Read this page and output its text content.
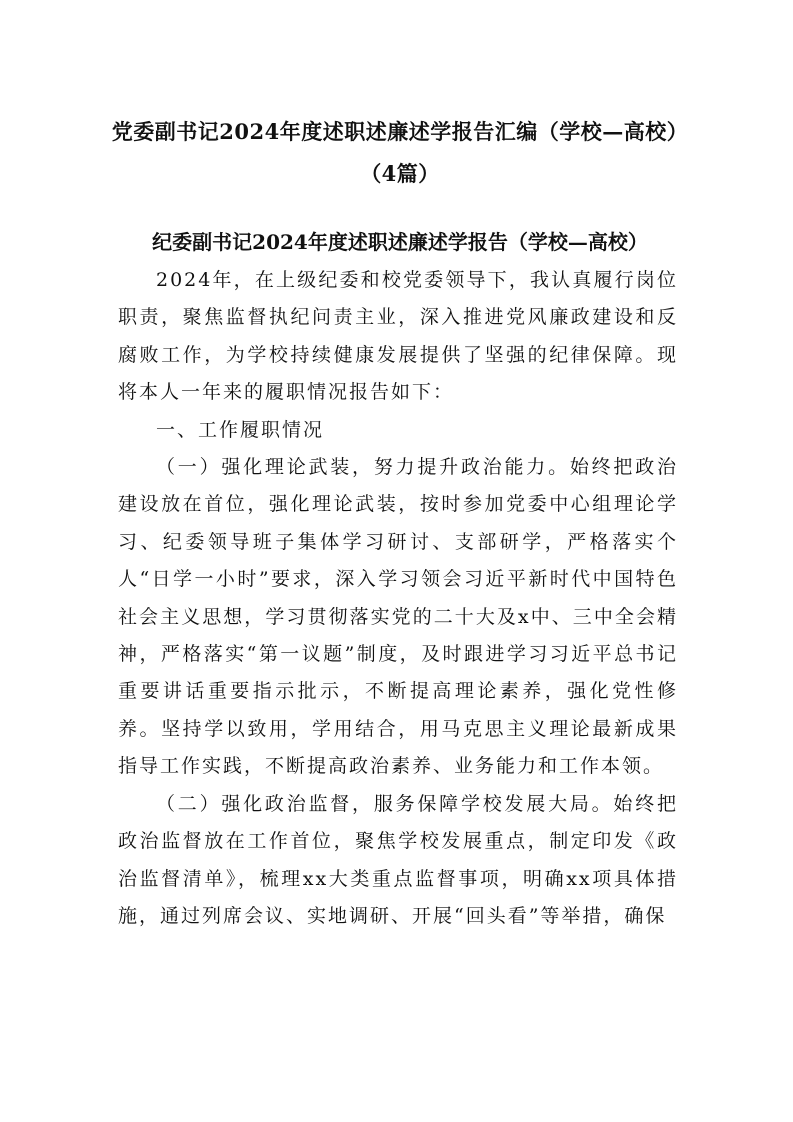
党委副书记2024年度述职述廉述学报告汇编（学校—高校）
（4篇）
纪委副书记2024年度述职述廉述学报告（学校—高校）

2024年，在上级纪委和校党委领导下，我认真履行岗位职责，聚焦监督执纪问责主业，深入推进党风廉政建设和反腐败工作，为学校持续健康发展提供了坚强的纪律保障。现将本人一年来的履职情况报告如下：

一、工作履职情况

（一）强化理论武装，努力提升政治能力。始终把政治建设放在首位，强化理论武装，按时参加党委中心组理论学习、纪委领导班子集体学习研讨、支部研学，严格落实个人“日学一小时”要求，深入学习领会习近平新时代中国特色社会主义思想，学习贯彻落实党的二十大及x中、三中全会精神，严格落实“第一议题”制度，及时跟进学习习近平总书记重要讲话重要指示批示，不断提高理论素养，强化党性修养。坚持学以致用，学用结合，用马克思主义理论最新成果指导工作实践，不断提高政治素养、业务能力和工作本领。

（二）强化政治监督，服务保障学校发展大局。始终把政治监督放在工作首位，聚焦学校发展重点，制定印发《政治监督清单》，梳理xx大类重点监督事项，明确xx项具体措施，通过列席会议、实地调研、开展“回头看”等举措，确保
